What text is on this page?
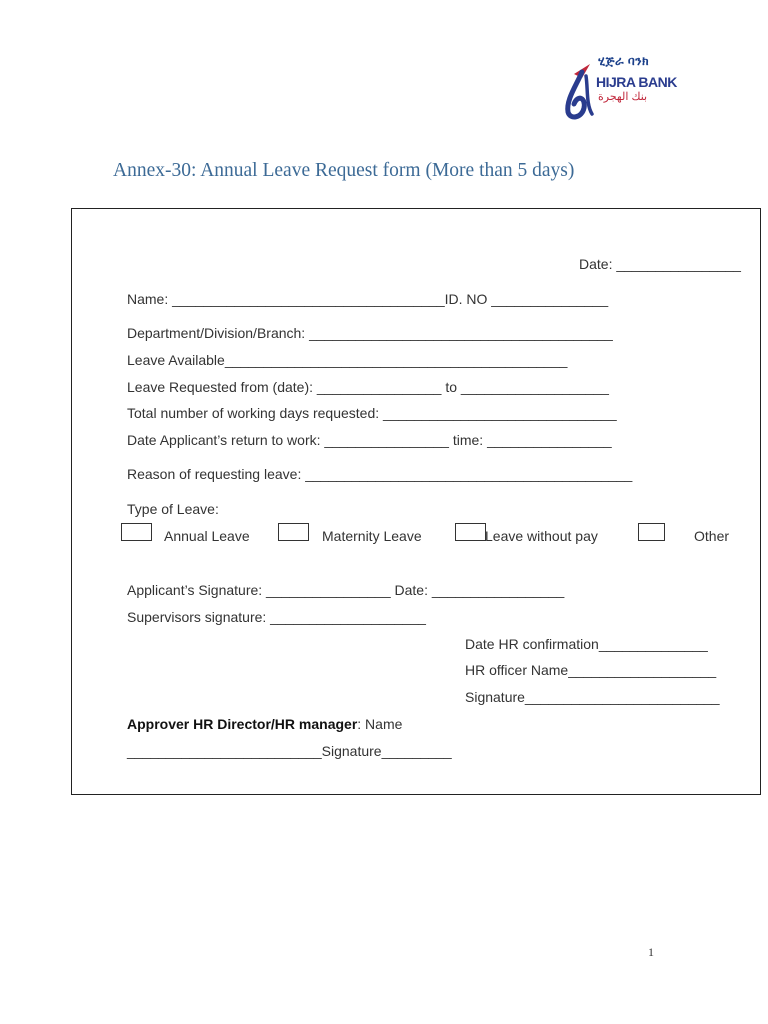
ሂጅራ ባንክ
HIJRA BANK
بنك الهجرة
Annex-30: Annual Leave Request form (More than 5 days)
Date: ________________
Name: ___________________________________ID. NO _______________
Department/Division/Branch: _______________________________________
Leave Available____________________________________________
Leave Requested from (date): ________________ to ___________________
Total number of working days requested: ______________________________
Date Applicant’s return to work: ________________ time: ________________
Reason of requesting leave: __________________________________________
Type of Leave:
Annual Leave	Maternity Leave	Leave without pay	Other
Applicant’s Signature: ________________ Date: _________________
Supervisors signature: ____________________
Date HR confirmation______________
HR officer Name___________________
Signature_________________________
Approver HR Director/HR manager: Name
_________________________Signature_________
1
